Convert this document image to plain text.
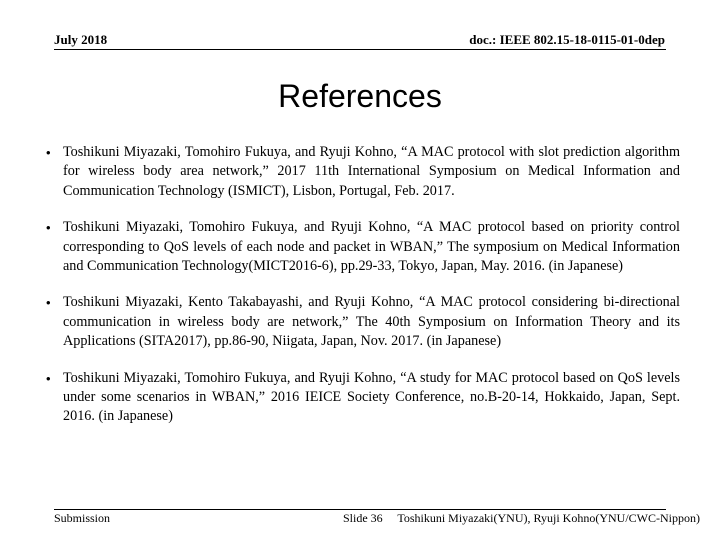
July 2018	doc.: IEEE 802.15-18-0115-01-0dep
References
• Toshikuni Miyazaki, Tomohiro Fukuya, and Ryuji Kohno, “A MAC protocol with slot prediction algorithm for wireless body area network,” 2017 11th International Symposium on Medical Information and Communication Technology (ISMICT), Lisbon, Portugal, Feb. 2017.
• Toshikuni Miyazaki, Tomohiro Fukuya, and Ryuji Kohno, “A MAC protocol based on priority control corresponding to QoS levels of each node and packet in WBAN,” The symposium on Medical Information and Communication Technology(MICT2016-6), pp.29-33, Tokyo, Japan, May. 2016. (in Japanese)
• Toshikuni Miyazaki, Kento Takabayashi, and Ryuji Kohno, “A MAC protocol considering bi-directional communication in wireless body are network,” The 40th Symposium on Information Theory and its Applications (SITA2017), pp.86-90, Niigata, Japan, Nov. 2017. (in Japanese)
• Toshikuni Miyazaki, Tomohiro Fukuya, and Ryuji Kohno, “A study for MAC protocol based on QoS levels under some scenarios in WBAN,” 2016 IEICE Society Conference, no.B-20-14, Hokkaido, Japan, Sept. 2016. (in Japanese)
Submission	Slide 36 Toshikuni Miyazaki(YNU), Ryuji Kohno(YNU/CWC-Nippon)
